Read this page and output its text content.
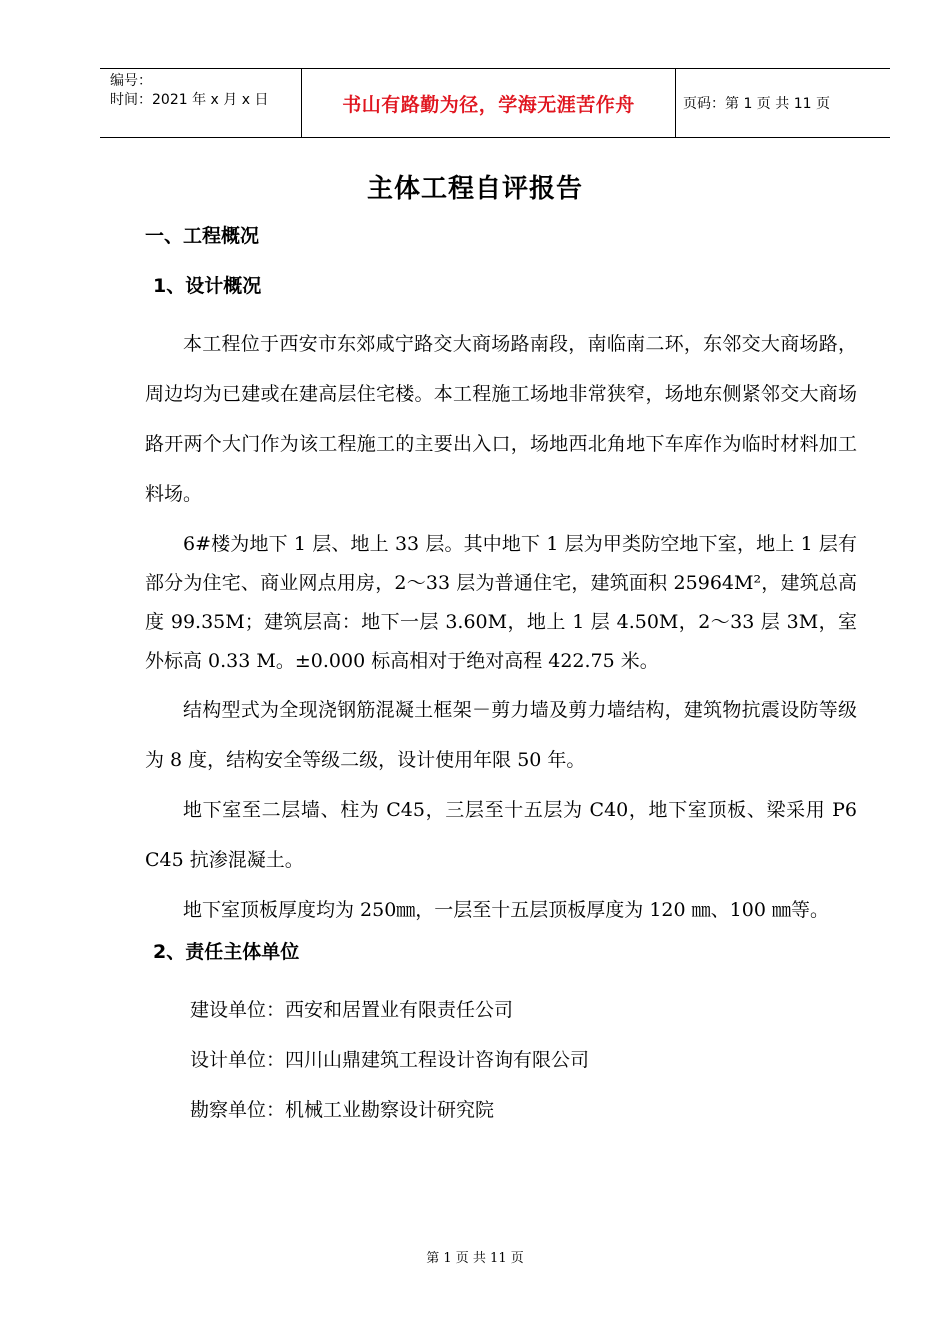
编号：
时间：2021 年 x 月 x 日	书山有路勤为径，学海无涯苦作舟	页码：第 1 页 共 11 页
主体工程自评报告
一、工程概况
1、设计概况

本工程位于西安市东郊咸宁路交大商场路南段，南临南二环，东邻交大商场路，周边均为已建或在建高层住宅楼。本工程施工场地非常狭窄，场地东侧紧邻交大商场路开两个大门作为该工程施工的主要出入口，场地西北角地下车库作为临时材料加工料场。

6#楼为地下 1 层、地上 33 层。其中地下 1 层为甲类防空地下室，地上 1 层有部分为住宅、商业网点用房，2～33 层为普通住宅，建筑面积 25964M²，建筑总高度 99.35M；建筑层高：地下一层 3.60M，地上 1 层 4.50M，2～33 层 3M，室外标高 0.33 M。±0.000 标高相对于绝对高程 422.75 米。

结构型式为全现浇钢筋混凝土框架－剪力墙及剪力墙结构，建筑物抗震设防等级为 8 度，结构安全等级二级，设计使用年限 50 年。

地下室至二层墙、柱为 C45，三层至十五层为 C40，地下室顶板、梁采用 P6 C45 抗渗混凝土。

地下室顶板厚度均为 250㎜，一层至十五层顶板厚度为 120 ㎜、100 ㎜等。

2、责任主体单位

建设单位：西安和居置业有限责任公司

设计单位：四川山鼎建筑工程设计咨询有限公司

勘察单位：机械工业勘察设计研究院

第 1 页 共 11 页
